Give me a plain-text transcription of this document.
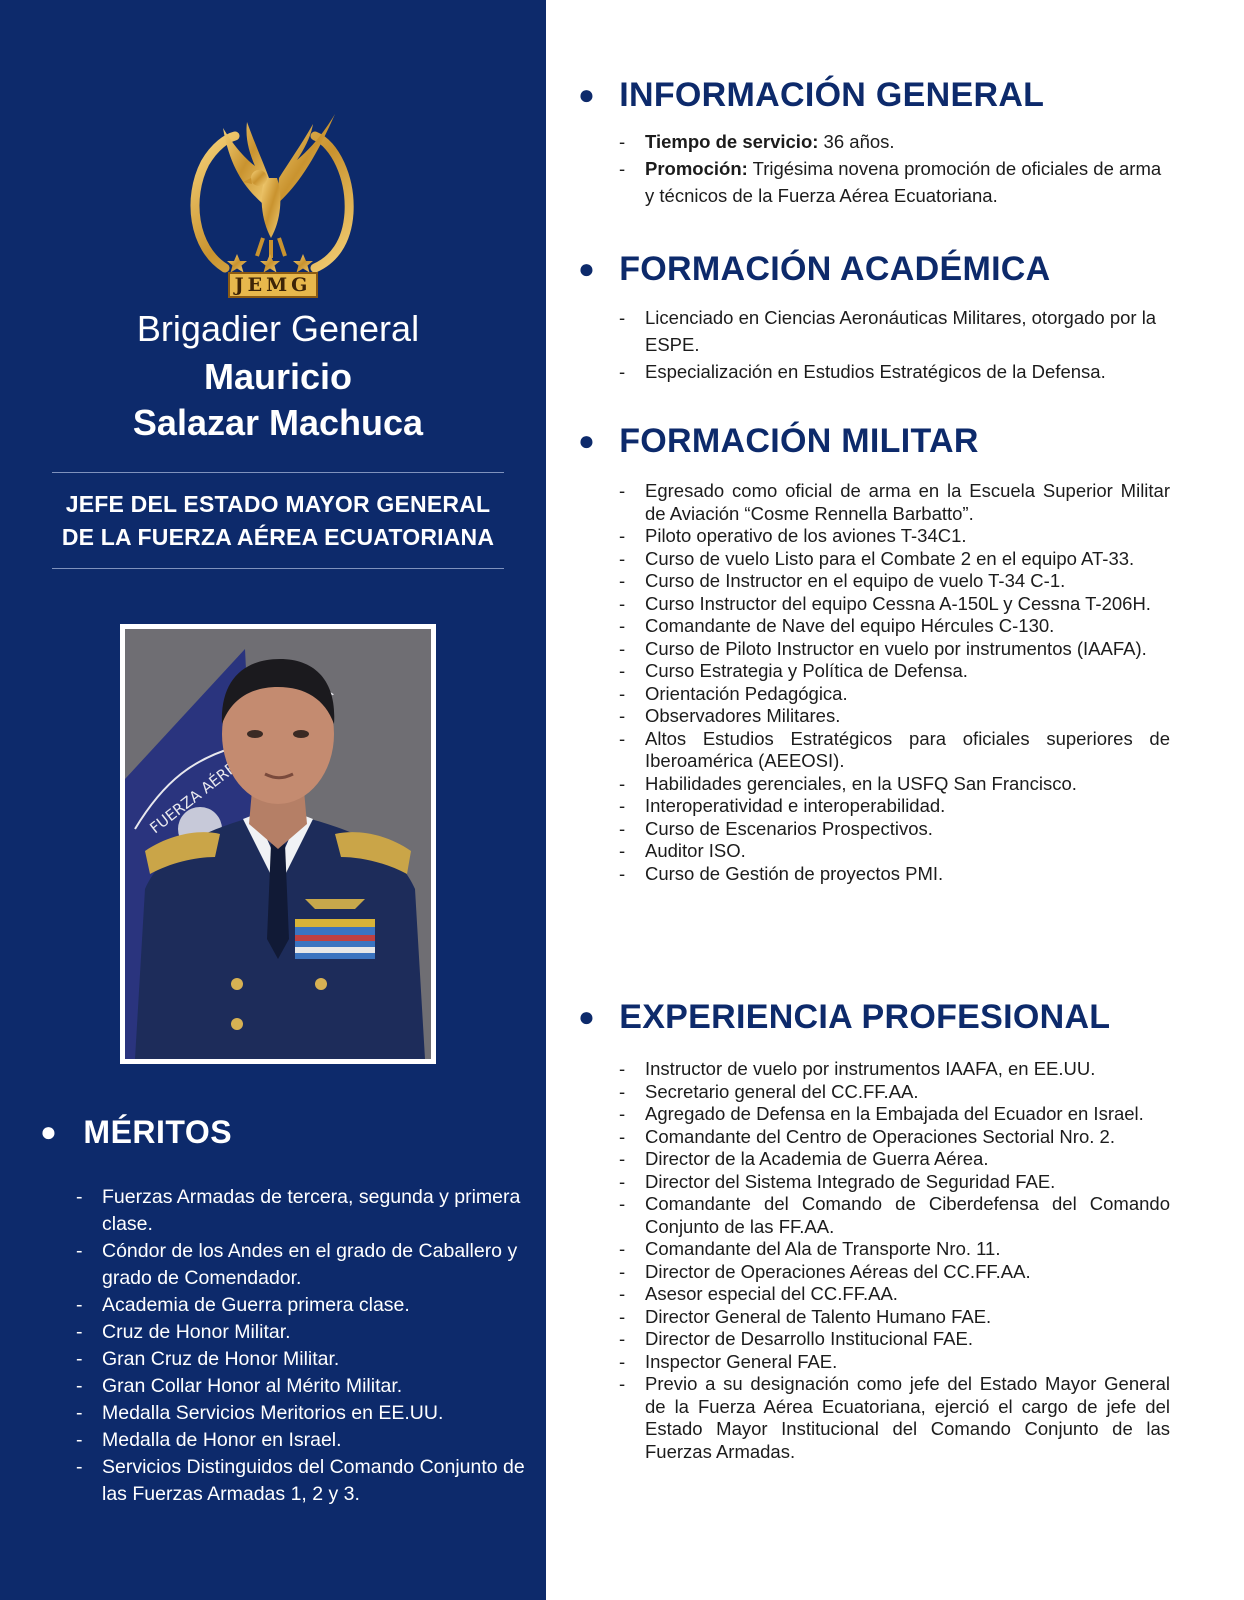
JEMG
Brigadier General
Mauricio
Salazar Machuca
JEFE DEL ESTADO MAYOR GENERAL
DE LA FUERZA AÉREA ECUATORIANA
FUERZA AÉREA
● MÉRITOS
- Fuerzas Armadas de tercera, segunda y primera clase.
- Cóndor de los Andes en el grado de Caballero y grado de Comendador.
- Academia de Guerra primera clase.
- Cruz de Honor Militar.
- Gran Cruz de Honor Militar.
- Gran Collar Honor al Mérito Militar.
- Medalla Servicios Meritorios en EE.UU.
- Medalla de Honor en Israel.
- Servicios Distinguidos del Comando Conjunto de las Fuerzas Armadas 1, 2 y 3.
● INFORMACIÓN GENERAL
- Tiempo de servicio: 36 años.
- Promoción: Trigésima novena promoción de oficiales de arma y técnicos de la Fuerza Aérea Ecuatoriana.
● FORMACIÓN ACADÉMICA
- Licenciado en Ciencias Aeronáuticas Militares, otorgado por la ESPE.
- Especialización en Estudios Estratégicos de la Defensa.
● FORMACIÓN MILITAR
- Egresado como oficial de arma en la Escuela Superior Militar de Aviación “Cosme Rennella Barbatto”.
- Piloto operativo de los aviones T-34C1.
- Curso de vuelo Listo para el Combate 2 en el equipo AT-33.
- Curso de Instructor en el equipo de vuelo T-34 C-1.
- Curso Instructor del equipo Cessna A-150L y Cessna T-206H.
- Comandante de Nave del equipo Hércules C-130.
- Curso de Piloto Instructor en vuelo por instrumentos (IAAFA).
- Curso Estrategia y Política de Defensa.
- Orientación Pedagógica.
- Observadores Militares.
- Altos Estudios Estratégicos para oficiales superiores de Iberoamérica (AEEOSI).
- Habilidades gerenciales, en la USFQ San Francisco.
- Interoperatividad e interoperabilidad.
- Curso de Escenarios Prospectivos.
- Auditor ISO.
- Curso de Gestión de proyectos PMI.
● EXPERIENCIA PROFESIONAL
- Instructor de vuelo por instrumentos IAAFA, en EE.UU.
- Secretario general del CC.FF.AA.
- Agregado de Defensa en la Embajada del Ecuador en Israel.
- Comandante del Centro de Operaciones Sectorial Nro. 2.
- Director de la Academia de Guerra Aérea.
- Director del Sistema Integrado de Seguridad FAE.
- Comandante del Comando de Ciberdefensa del Comando Conjunto de las FF.AA.
- Comandante del Ala de Transporte Nro. 11.
- Director de Operaciones Aéreas del CC.FF.AA.
- Asesor especial del CC.FF.AA.
- Director General de Talento Humano FAE.
- Director de Desarrollo Institucional FAE.
- Inspector General FAE.
- Previo a su designación como jefe del Estado Mayor General de la Fuerza Aérea Ecuatoriana, ejerció el cargo de jefe del Estado Mayor Institucional del Comando Conjunto de las Fuerzas Armadas.
